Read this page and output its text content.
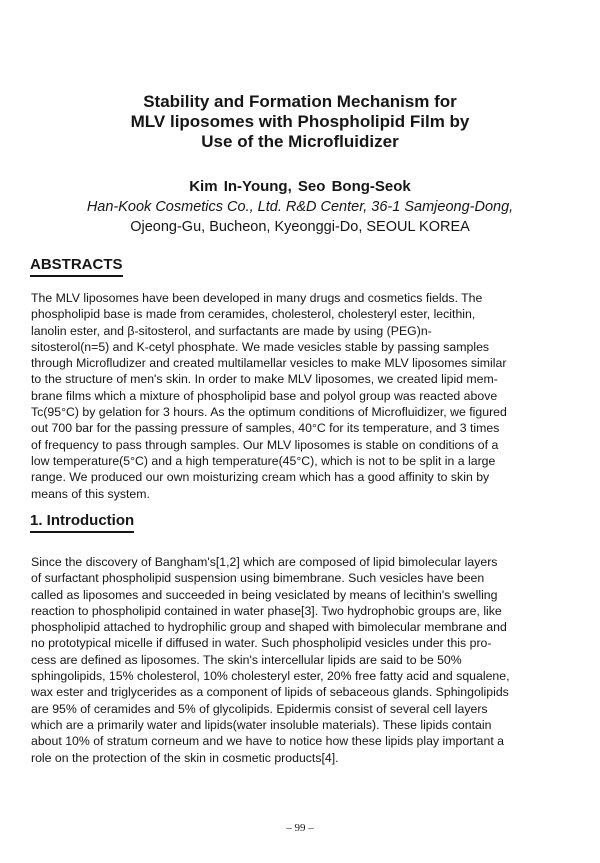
Stability and Formation Mechanism for
MLV liposomes with Phospholipid Film by
Use of the Microfluidizer
Kim In-Young, Seo Bong-Seok
Han-Kook Cosmetics Co., Ltd. R&D Center, 36-1 Samjeong-Dong,
Ojeong-Gu, Bucheon, Kyeonggi-Do, SEOUL KOREA
ABSTRACTS
The MLV liposomes have been developed in many drugs and cosmetics fields. The
phospholipid base is made from ceramides, cholesterol, cholesteryl ester, lecithin,
lanolin ester, and β-sitosterol, and surfactants are made by using (PEG)n-
sitosterol(n=5) and K-cetyl phosphate. We made vesicles stable by passing samples
through Microfludizer and created multilamellar vesicles to make MLV liposomes similar
to the structure of men's skin. In order to make MLV liposomes, we created lipid mem-
brane films which a mixture of phospholipid base and polyol group was reacted above
Tc(95°C) by gelation for 3 hours. As the optimum conditions of Microfluidizer, we figured
out 700 bar for the passing pressure of samples, 40°C for its temperature, and 3 times
of frequency to pass through samples. Our MLV liposomes is stable on conditions of a
low temperature(5°C) and a high temperature(45°C), which is not to be split in a large
range. We produced our own moisturizing cream which has a good affinity to skin by
means of this system.
1. Introduction
Since the discovery of Bangham's[1,2] which are composed of lipid bimolecular layers
of surfactant phospholipid suspension using bimembrane. Such vesicles have been
called as liposomes and succeeded in being vesiclated by means of lecithin's swelling
reaction to phospholipid contained in water phase[3]. Two hydrophobic groups are, like
phospholipid attached to hydrophilic group and shaped with bimolecular membrane and
no prototypical micelle if diffused in water. Such phospholipid vesicles under this pro-
cess are defined as liposomes. The skin's intercellular lipids are said to be 50%
sphingolipids, 15% cholesterol, 10% cholesteryl ester, 20% free fatty acid and squalene,
wax ester and triglycerides as a component of lipids of sebaceous glands. Sphingolipids
are 95% of ceramides and 5% of glycolipids. Epidermis consist of several cell layers
which are a primarily water and lipids(water insoluble materials). These lipids contain
about 10% of stratum corneum and we have to notice how these lipids play important a
role on the protection of the skin in cosmetic products[4].
– 99 –
